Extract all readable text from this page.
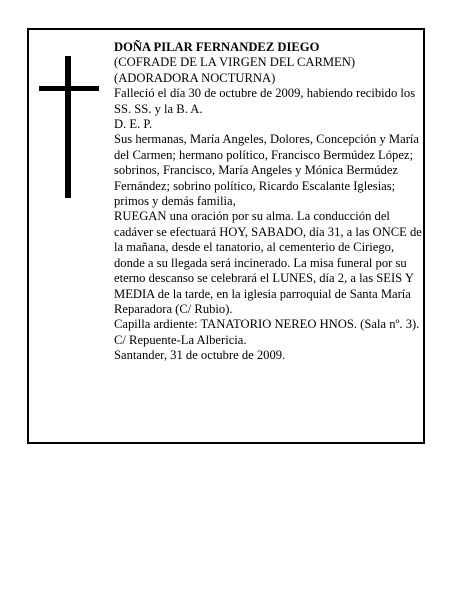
DOÑA PILAR FERNANDEZ DIEGO

(COFRADE DE LA VIRGEN DEL CARMEN)

(ADORADORA NOCTURNA)

Falleció el día 30 de octubre de 2009, habiendo recibido los SS. SS. y la B. A.

D. E. P.

Sus hermanas, María Angeles, Dolores, Concepción y María del Carmen; hermano político, Francisco Bermúdez López; sobrinos, Francisco, María Angeles y Mónica Bermúdez Fernández; sobrino político, Ricardo Escalante Iglesias; primos y demás familia,

RUEGAN una oración por su alma. La conducción del cadáver se efectuará HOY, SABADO, día 31, a las ONCE de la mañana, desde el tanatorio, al cementerio de Ciriego, donde a su llegada será incinerado. La misa funeral por su eterno descanso se celebrará el LUNES, día 2, a las SEIS Y MEDIA de la tarde, en la iglesia parroquial de Santa María Reparadora (C/ Rubio).

Capilla ardiente: TANATORIO NEREO HNOS. (Sala nº. 3). C/ Repuente-La Albericia.

Santander, 31 de octubre de 2009.
